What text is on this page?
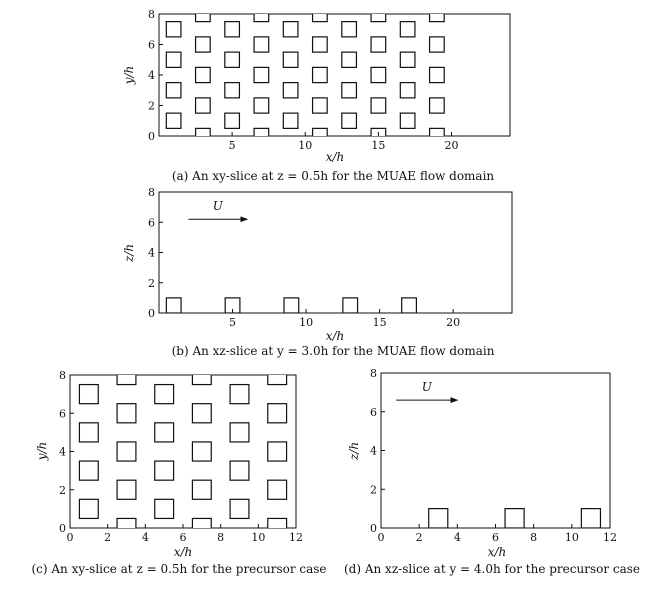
5	10	15	20
0
2
4
6
8
x/h
y/h
(a) An xy-slice at z = 0.5h for the MUAE flow domain
5	10	15	20
0
2
4
6
8
x/h
z/h
U
(b) An xz-slice at y = 3.0h for the MUAE flow domain
0	2	4	6	8 10 12
0
2
4
6
8
x/h
y/h
(c) An xy-slice at z = 0.5h for the precursor case
0	2	4	6	8	10 12
0
2
4
6
8
x/h
z/h
U
(d) An xz-slice at y = 4.0h for the precursor case
